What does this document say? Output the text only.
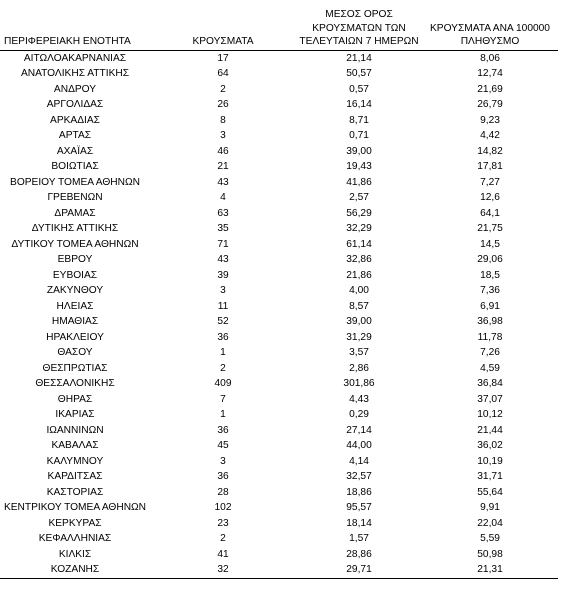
ΠΕΡΙΦΕΡΕΙΑΚΗ ΕΝΟΤΗΤΑ	ΚΡΟΥΣΜΑΤΑ	ΜΕΣΟΣ ΟΡΟΣ ΚΡΟΥΣΜΑΤΩΝ ΤΩΝ ΤΕΛΕΥΤΑΙΩΝ 7 ΗΜΕΡΩΝ	ΚΡΟΥΣΜΑΤΑ ΑΝΑ 100000 ΠΛΗΘΥΣΜΟ
ΑΙΤΩΛΟΑΚΑΡΝΑΝΙΑΣ	17	21,14	8,06
ΑΝΑΤΟΛΙΚΗΣ ΑΤΤΙΚΗΣ	64	50,57	12,74
ΑΝΔΡΟΥ	2	0,57	21,69
ΑΡΓΟΛΙΔΑΣ	26	16,14	26,79
ΑΡΚΑΔΙΑΣ	8	8,71	9,23
ΑΡΤΑΣ	3	0,71	4,42
ΑΧΑΪΑΣ	46	39,00	14,82
ΒΟΙΩΤΙΑΣ	21	19,43	17,81
ΒΟΡΕΙΟΥ ΤΟΜΕΑ ΑΘΗΝΩΝ	43	41,86	7,27
ΓΡΕΒΕΝΩΝ	4	2,57	12,6
ΔΡΑΜΑΣ	63	56,29	64,1
ΔΥΤΙΚΗΣ ΑΤΤΙΚΗΣ	35	32,29	21,75
ΔΥΤΙΚΟΥ ΤΟΜΕΑ ΑΘΗΝΩΝ	71	61,14	14,5
ΕΒΡΟΥ	43	32,86	29,06
ΕΥΒΟΙΑΣ	39	21,86	18,5
ΖΑΚΥΝΘΟΥ	3	4,00	7,36
ΗΛΕΙΑΣ	11	8,57	6,91
ΗΜΑΘΙΑΣ	52	39,00	36,98
ΗΡΑΚΛΕΙΟΥ	36	31,29	11,78
ΘΑΣΟΥ	1	3,57	7,26
ΘΕΣΠΡΩΤΙΑΣ	2	2,86	4,59
ΘΕΣΣΑΛΟΝΙΚΗΣ	409	301,86	36,84
ΘΗΡΑΣ	7	4,43	37,07
ΙΚΑΡΙΑΣ	1	0,29	10,12
ΙΩΑΝΝΙΝΩΝ	36	27,14	21,44
ΚΑΒΑΛΑΣ	45	44,00	36,02
ΚΑΛΥΜΝΟΥ	3	4,14	10,19
ΚΑΡΔΙΤΣΑΣ	36	32,57	31,71
ΚΑΣΤΟΡΙΑΣ	28	18,86	55,64
ΚΕΝΤΡΙΚΟΥ ΤΟΜΕΑ ΑΘΗΝΩΝ	102	95,57	9,91
ΚΕΡΚΥΡΑΣ	23	18,14	22,04
ΚΕΦΑΛΛΗΝΙΑΣ	2	1,57	5,59
ΚΙΛΚΙΣ	41	28,86	50,98
ΚΟΖΑΝΗΣ	32	29,71	21,31
